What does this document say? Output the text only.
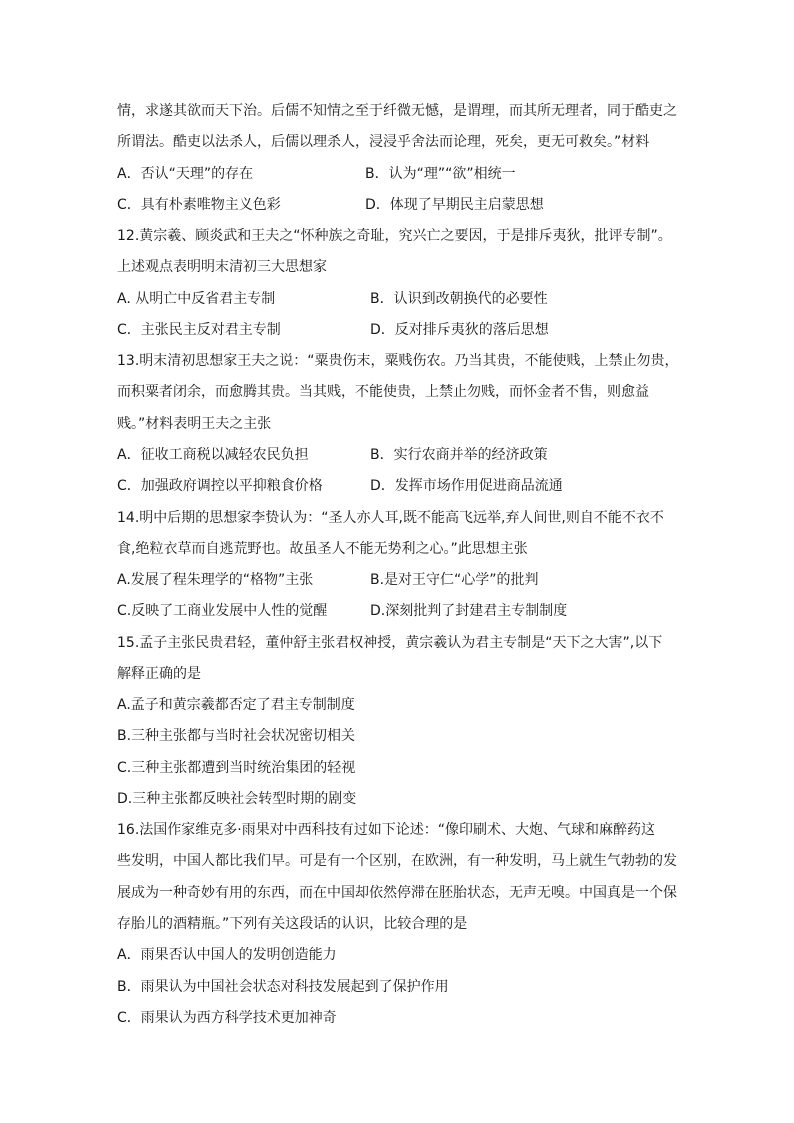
情，求遂其欲而天下治。后儒不知情之至于纤微无憾，是谓理，而其所无理者，同于酷吏之
所谓法。酷吏以法杀人，后儒以理杀人，浸浸乎舍法而论理，死矣，更无可救矣。”材料
A．否认“天理”的存在	B．认为“理”“欲”相统一
C．具有朴素唯物主义色彩	D．体现了早期民主启蒙思想
12.黄宗羲、顾炎武和王夫之“怀种族之奇耻，究兴亡之要因，于是排斥夷狄，批评专制”。
上述观点表明明末清初三大思想家
A. 从明亡中反省君主专制	B．认识到改朝换代的必要性
C．主张民主反对君主专制	D．反对排斥夷狄的落后思想
13.明末清初思想家王夫之说：“粟贵伤末，粟贱伤农。乃当其贵，不能使贱，上禁止勿贵，
而积粟者闭余，而愈腾其贵。当其贱，不能使贵，上禁止勿贱，而怀金者不售，则愈益
贱。”材料表明王夫之主张
A．征收工商税以减轻农民负担	B．实行农商并举的经济政策
C．加强政府调控以平抑粮食价格	D．发挥市场作用促进商品流通
14.明中后期的思想家李贽认为：“圣人亦人耳,既不能高飞远举,弃人间世,则自不能不衣不
食,绝粒衣草而自逃荒野也。故虽圣人不能无势利之心。”此思想主张
A.发展了程朱理学的“格物”主张	B.是对王守仁“心学”的批判
C.反映了工商业发展中人性的觉醒	D.深刻批判了封建君主专制制度
15.孟子主张民贵君轻，董仲舒主张君权神授，黄宗羲认为君主专制是“天下之大害”,以下
解释正确的是
A.孟子和黄宗羲都否定了君主专制制度
B.三种主张都与当时社会状况密切相关
C.三种主张都遭到当时统治集团的轻视
D.三种主张都反映社会转型时期的剧变
16.法国作家维克多·雨果对中西科技有过如下论述：“像印刷术、大炮、气球和麻醉药这
些发明，中国人都比我们早。可是有一个区别，在欧洲，有一种发明，马上就生气勃勃的发
展成为一种奇妙有用的东西，而在中国却依然停滞在胚胎状态，无声无嗅。中国真是一个保
存胎儿的酒精瓶。”下列有关这段话的认识，比较合理的是
A．雨果否认中国人的发明创造能力
B．雨果认为中国社会状态对科技发展起到了保护作用
C．雨果认为西方科学技术更加神奇
